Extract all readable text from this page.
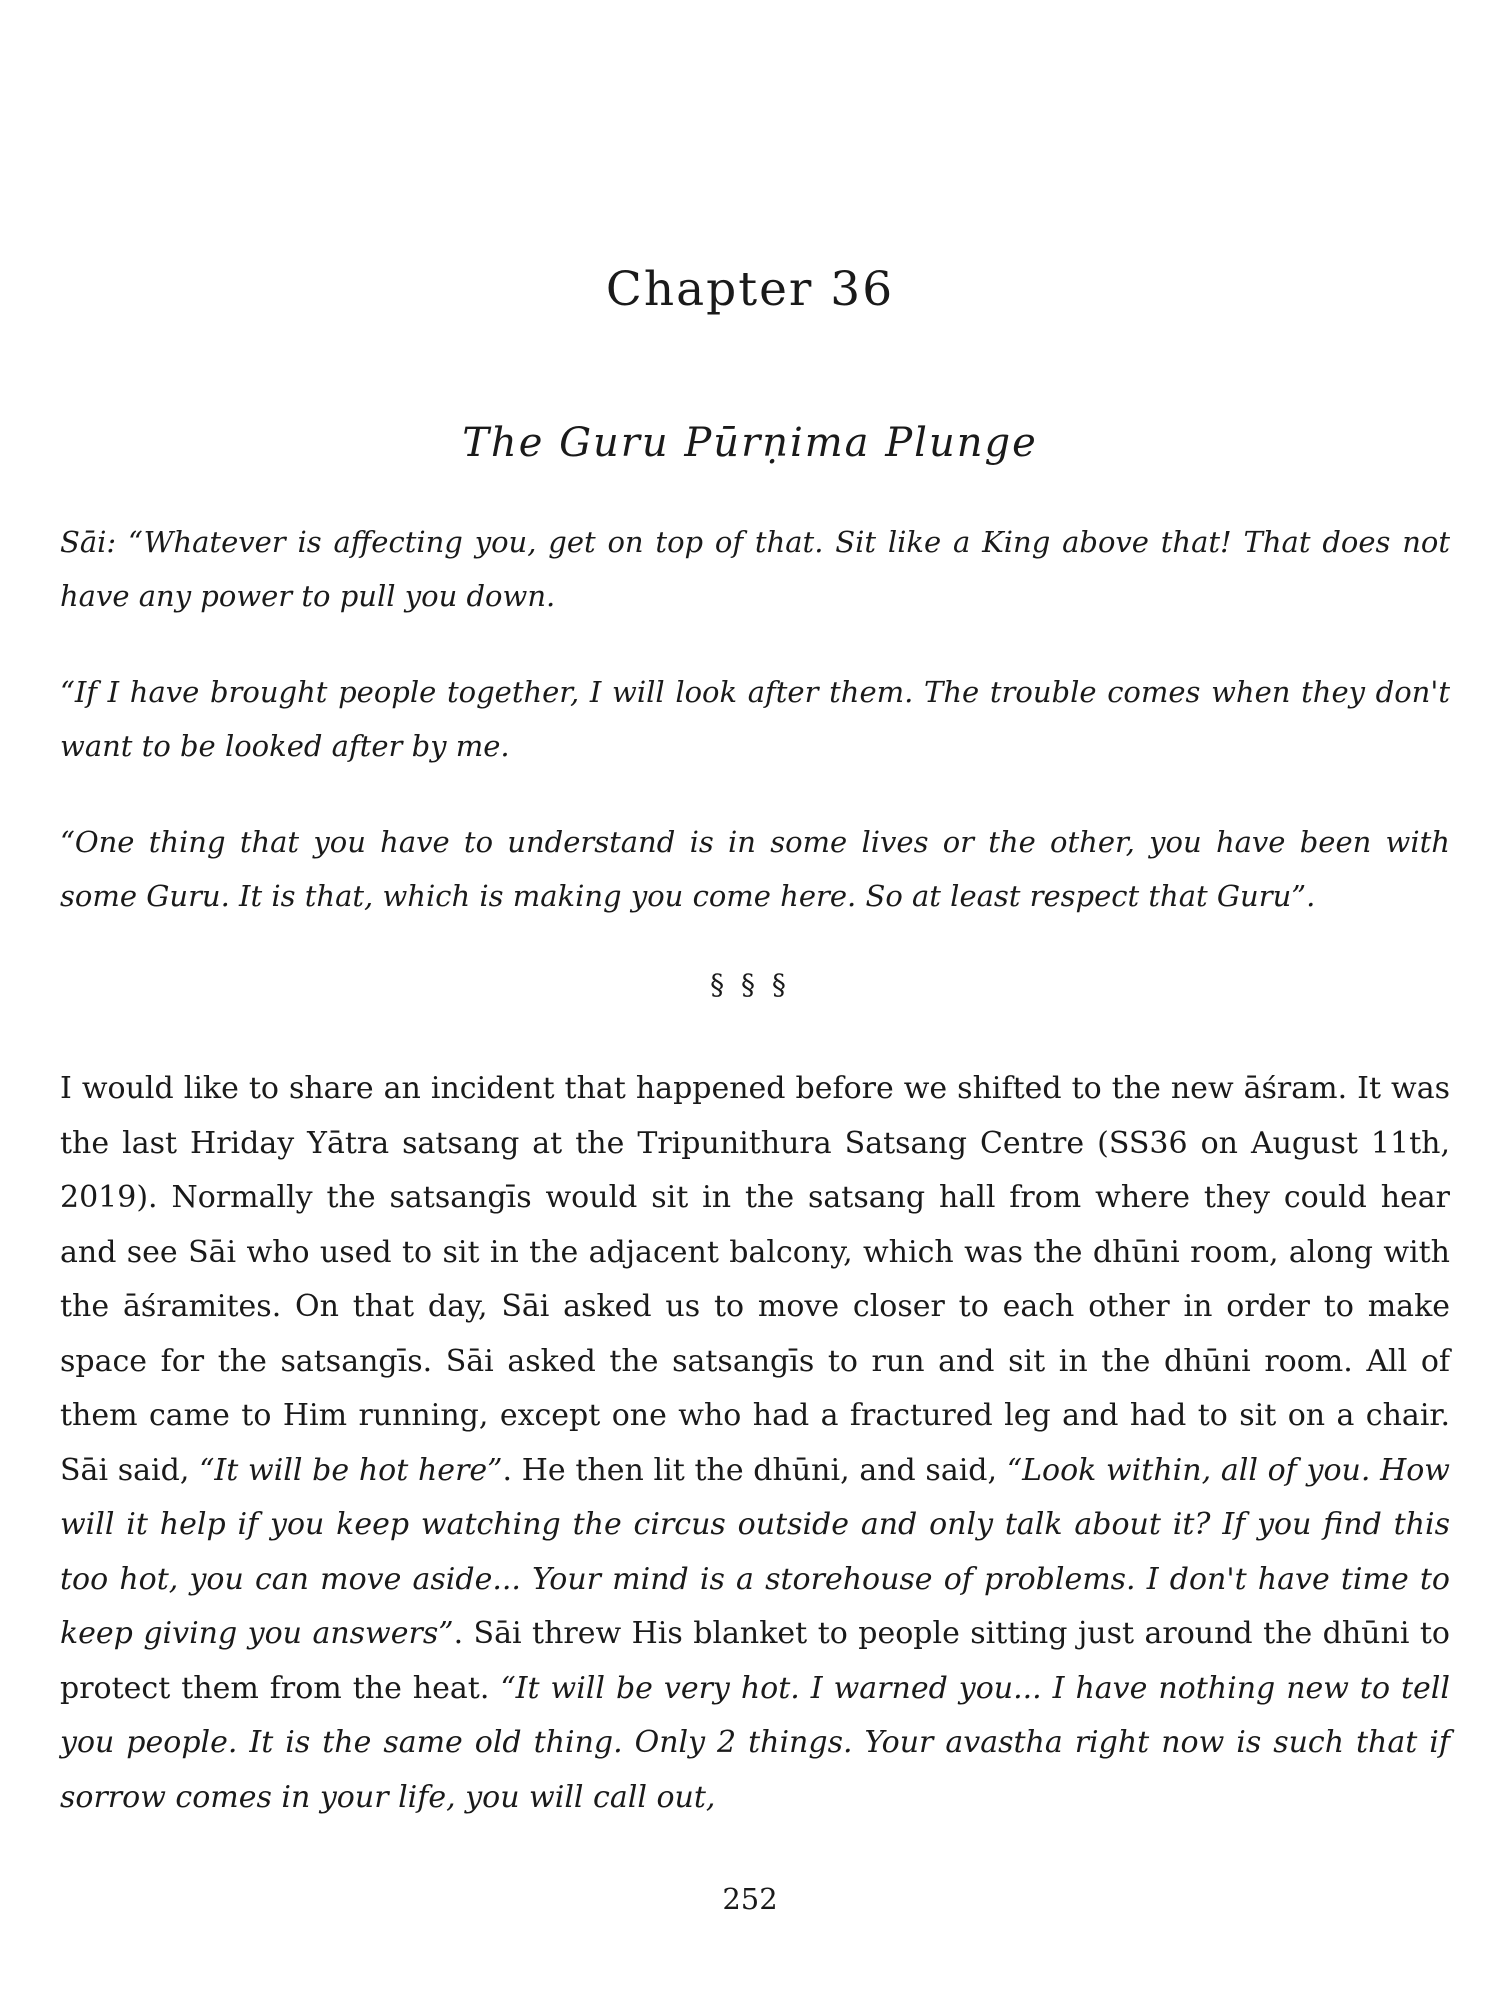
Chapter 36
The Guru Pūrṇima Plunge

Sāi: “Whatever is affecting you, get on top of that. Sit like a King above that! That does not have any power to pull you down.

“If I have brought people together, I will look after them. The trouble comes when they don't want to be looked after by me.

“One thing that you have to understand is in some lives or the other, you have been with some Guru. It is that, which is making you come here. So at least respect that Guru”.

§ § §

I would like to share an incident that happened before we shifted to the new āśram. It was the last Hriday Yātra satsang at the Tripunithura Satsang Centre (SS36 on August 11th, 2019). Normally the satsangīs would sit in the satsang hall from where they could hear and see Sāi who used to sit in the adjacent balcony, which was the dhūni room, along with the āśramites. On that day, Sāi asked us to move closer to each other in order to make space for the satsangīs. Sāi asked the satsangīs to run and sit in the dhūni room. All of them came to Him running, except one who had a fractured leg and had to sit on a chair. Sāi said, “It will be hot here”. He then lit the dhūni, and said, “Look within, all of you. How will it help if you keep watching the circus outside and only talk about it? If you find this too hot, you can move aside... Your mind is a storehouse of problems. I don't have time to keep giving you answers”. Sāi threw His blanket to people sitting just around the dhūni to protect them from the heat. “It will be very hot. I warned you... I have nothing new to tell you people. It is the same old thing. Only 2 things. Your avastha right now is such that if sorrow comes in your life, you will call out,

252
